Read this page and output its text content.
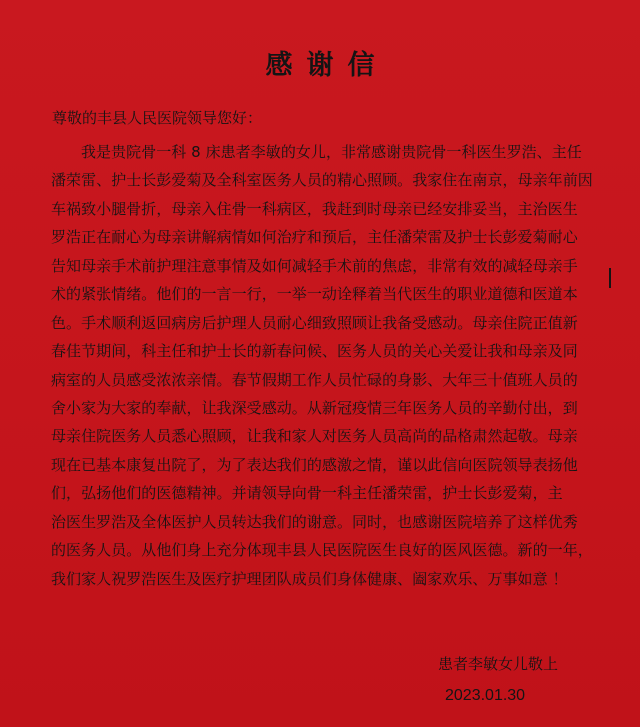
感谢信
尊敬的丰县人民医院领导您好：
我是贵院骨一科 8 床患者李敏的女儿，非常感谢贵院骨一科医生罗浩、主任
潘荣雷、护士长彭爱菊及全科室医务人员的精心照顾。我家住在南京，母亲年前因
车祸致小腿骨折，母亲入住骨一科病区，我赶到时母亲已经安排妥当，主治医生
罗浩正在耐心为母亲讲解病情如何治疗和预后，主任潘荣雷及护士长彭爱菊耐心
告知母亲手术前护理注意事情及如何减轻手术前的焦虑，非常有效的减轻母亲手
术的紧张情绪。他们的一言一行，一举一动诠释着当代医生的职业道德和医道本
色。手术顺利返回病房后护理人员耐心细致照顾让我备受感动。母亲住院正值新
春佳节期间，科主任和护士长的新春问候、医务人员的关心关爱让我和母亲及同
病室的人员感受浓浓亲情。春节假期工作人员忙碌的身影、大年三十值班人员的
舍小家为大家的奉献，让我深受感动。从新冠疫情三年医务人员的辛勤付出，到
母亲住院医务人员悉心照顾，让我和家人对医务人员高尚的品格肃然起敬。母亲
现在已基本康复出院了，为了表达我们的感激之情，谨以此信向医院领导表扬他
们，弘扬他们的医德精神。并请领导向骨一科主任潘荣雷，护士长彭爱菊，主
治医生罗浩及全体医护人员转达我们的谢意。同时，也感谢医院培养了这样优秀
的医务人员。从他们身上充分体现丰县人民医院医生良好的医风医德。新的一年，
我们家人祝罗浩医生及医疗护理团队成员们身体健康、阖家欢乐、万事如意 ！
患者李敏女儿敬上
2023.01.30
